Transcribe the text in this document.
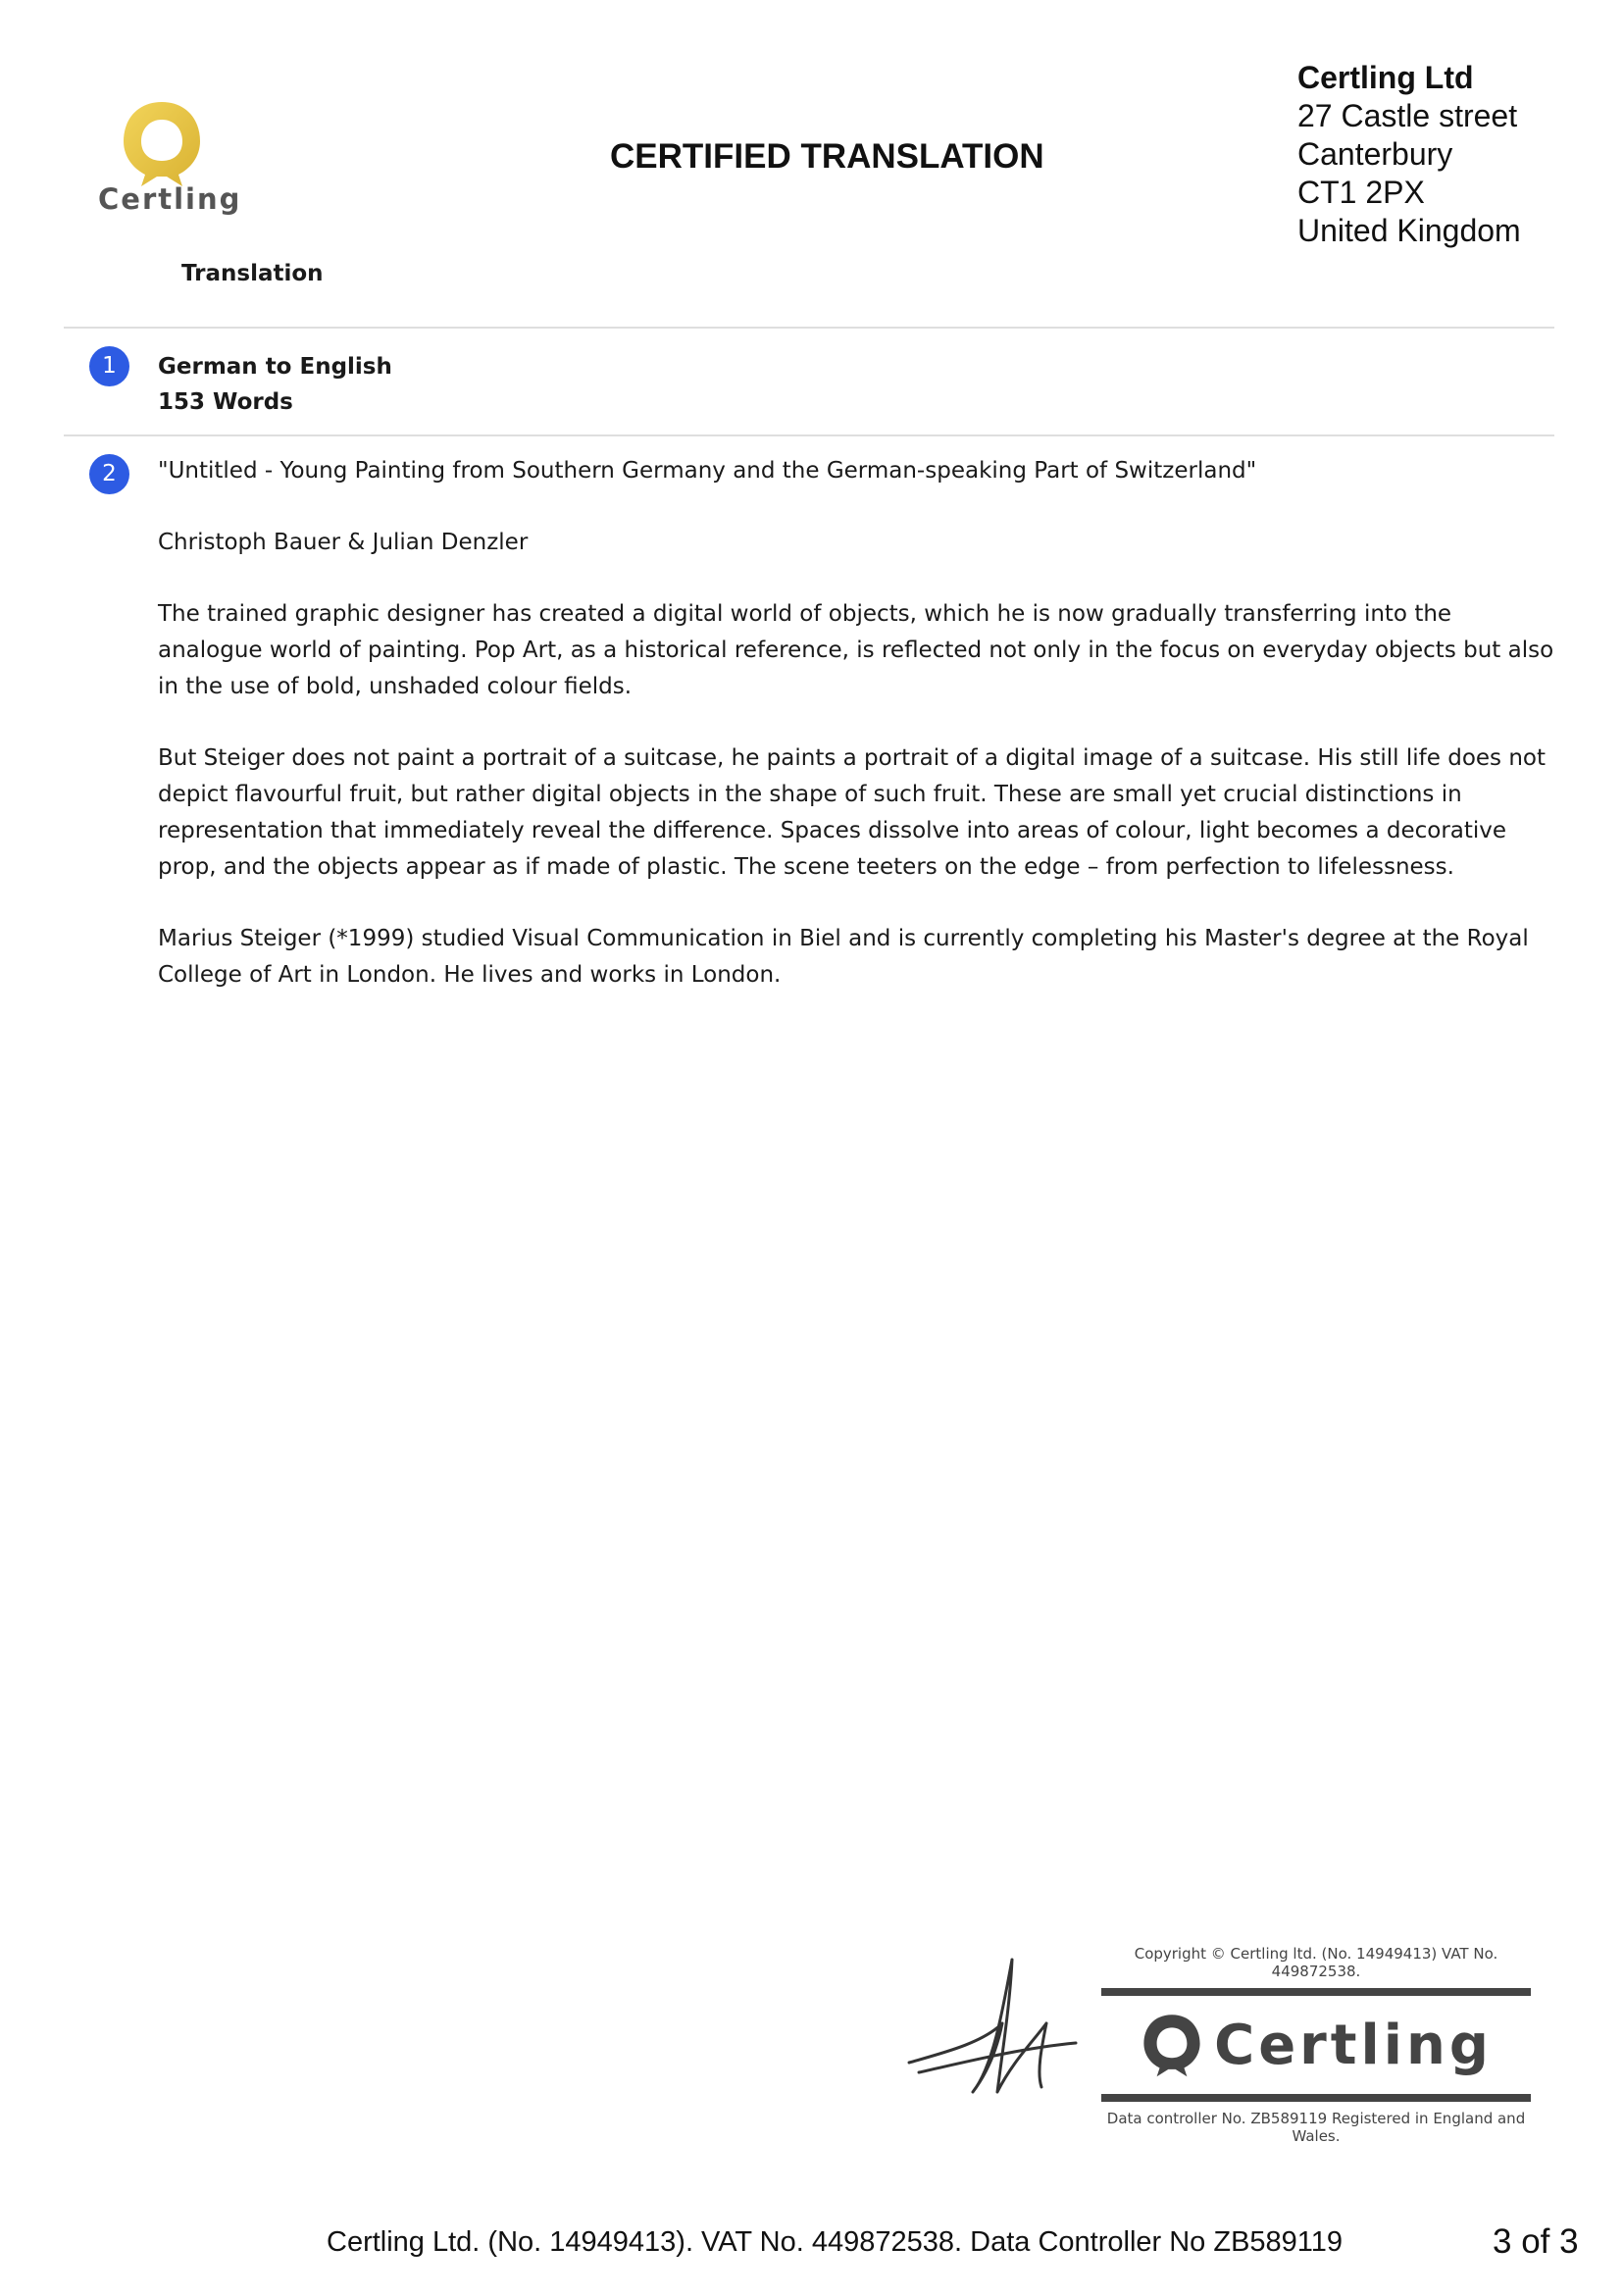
Certling
CERTIFIED TRANSLATION
Certling Ltd
27 Castle street
Canterbury
CT1 2PX
United Kingdom
Translation
1	German to English
153 Words
2	"Untitled - Young Painting from Southern Germany and the German-speaking Part of Switzerland"

Christoph Bauer & Julian Denzler

The trained graphic designer has created a digital world of objects, which he is now gradually transferring into the analogue world of painting. Pop Art, as a historical reference, is reflected not only in the focus on everyday objects but also in the use of bold, unshaded colour fields.

But Steiger does not paint a portrait of a suitcase, he paints a portrait of a digital image of a suitcase. His still life does not depict flavourful fruit, but rather digital objects in the shape of such fruit. These are small yet crucial distinctions in representation that immediately reveal the difference. Spaces dissolve into areas of colour, light becomes a decorative prop, and the objects appear as if made of plastic. The scene teeters on the edge – from perfection to lifelessness.

Marius Steiger (*1999) studied Visual Communication in Biel and is currently completing his Master's degree at the Royal College of Art in London. He lives and works in London.

Copyright © Certling ltd. (No. 14949413) VAT No. 449872538.
Certling
Data controller No. ZB589119 Registered in England and Wales.
Certling Ltd. (No. 14949413). VAT No. 449872538. Data Controller No ZB589119	3 of 3
